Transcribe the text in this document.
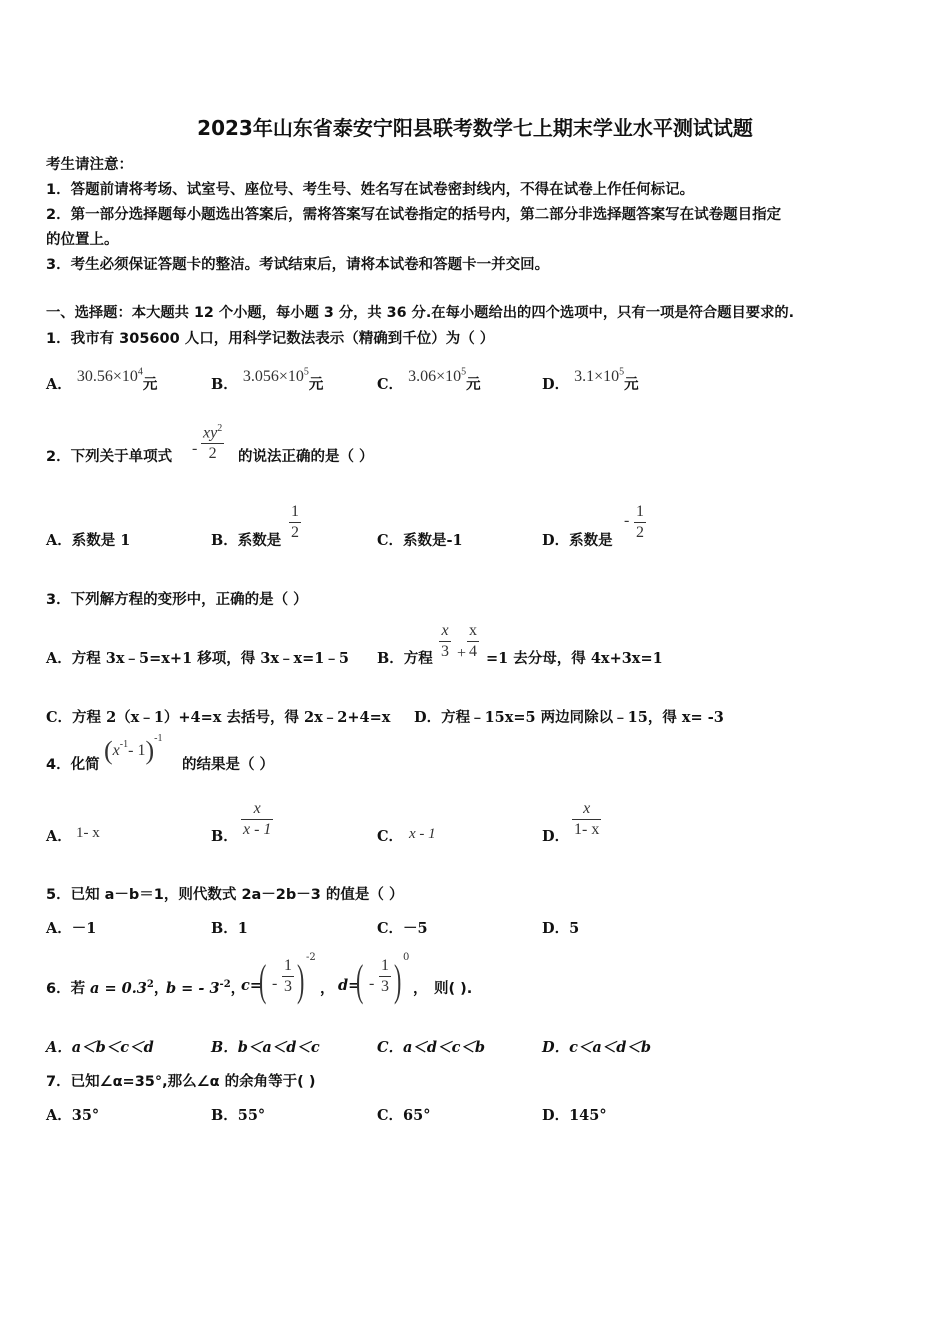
2023年山东省泰安宁阳县联考数学七上期末学业水平测试试题
考生请注意：
1．答题前请将考场、试室号、座位号、考生号、姓名写在试卷密封线内，不得在试卷上作任何标记。
2．第一部分选择题每小题选出答案后，需将答案写在试卷指定的括号内，第二部分非选择题答案写在试卷题目指定
的位置上。
3．考生必须保证答题卡的整洁。考试结束后，请将本试卷和答题卡一并交回。
一、选择题：本大题共 12 个小题，每小题 3 分，共 36 分.在每小题给出的四个选项中，只有一项是符合题目要求的.
1．我市有 305600 人口，用科学记数法表示（精确到千位）为（ ）
A． $30.56\times 10^4$元	B． $3.056\times 10^5$元	C． $3.06\times 10^5$元	D． $3.1\times 10^5$元
2．下列关于单项式 -
$xy^2$
2	的说法正确的是（ ）
A．系数是 1	B．系数是
1
2	C．系数是-1	D．系数是
-
1
2
3．下列解方程的变形中，正确的是（ ）
A．方程 3x﹣5=x+1 移项，得 3x﹣x=1﹣5 B．方程
x
3 +
x
4 =1 去分母，得 4x+3x=1
C．方程 2（x﹣1）+4=x 去括号，得 2x﹣2+4=x D．方程﹣15x=5 两边同除以﹣15，得 x= -3
4．化简 ($x^{-1}-$ 1)$^{-1}$
的结果是（ ）
A． 1- x	B．
x
x - 1	C． x - 1	D．
x
1- x
5．已知 a－b＝1，则代数式 2a－2b－3 的值是（ ）
A．－1	B．1	C．－5	D．5
6．若 $a = 0.3^2$，
b = - $3^{-2}$，
c=
( -
1
3 ) -2
， d=
( -
1
3 ) 0
， 则( ).
A．a＜b＜c＜d	B．b＜a＜d＜c	C．a＜d＜c＜b	D．c＜a＜d＜b
7．已知∠α=35°,那么∠α 的余角等于( )
A．35°	B．55°	C．65°	D．145°
